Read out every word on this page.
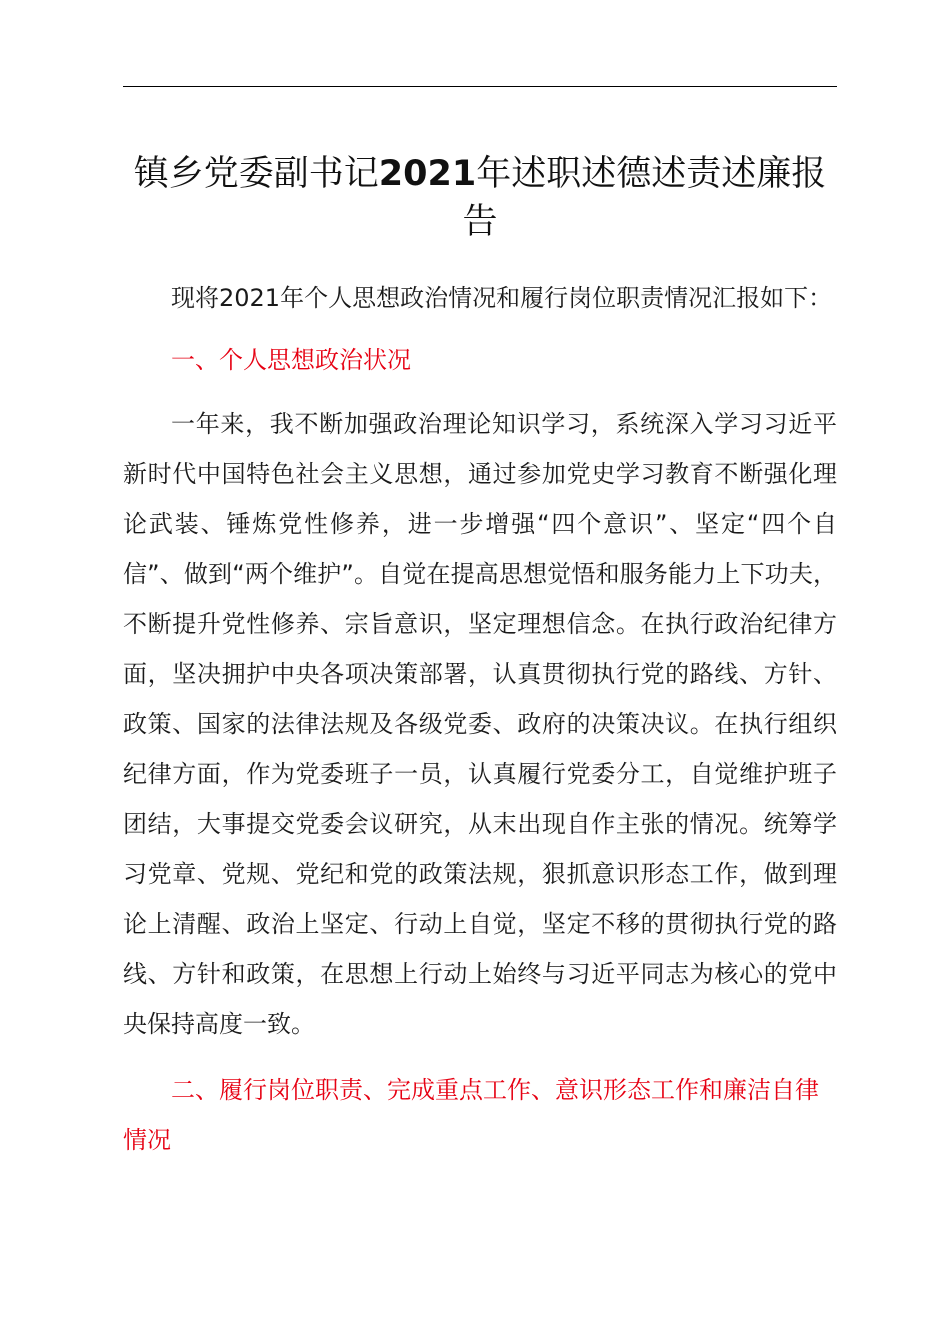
镇乡党委副书记2021年述职述德述责述廉报告

现将2021年个人思想政治情况和履行岗位职责情况汇报如下：

一、个人思想政治状况

一年来，我不断加强政治理论知识学习，系统深入学习习近平新时代中国特色社会主义思想，通过参加党史学习教育不断强化理论武装、锤炼党性修养，进一步增强“四个意识”、坚定“四个自信”、做到“两个维护”。自觉在提高思想觉悟和服务能力上下功夫，不断提升党性修养、宗旨意识，坚定理想信念。在执行政治纪律方面，坚决拥护中央各项决策部署，认真贯彻执行党的路线、方针、政策、国家的法律法规及各级党委、政府的决策决议。在执行组织纪律方面，作为党委班子一员，认真履行党委分工，自觉维护班子团结，大事提交党委会议研究，从末出现自作主张的情况。统筹学习党章、党规、党纪和党的政策法规，狠抓意识形态工作，做到理论上清醒、政治上坚定、行动上自觉，坚定不移的贯彻执行党的路线、方针和政策，在思想上行动上始终与习近平同志为核心的党中央保持高度一致。

二、履行岗位职责、完成重点工作、意识形态工作和廉洁自律情况
